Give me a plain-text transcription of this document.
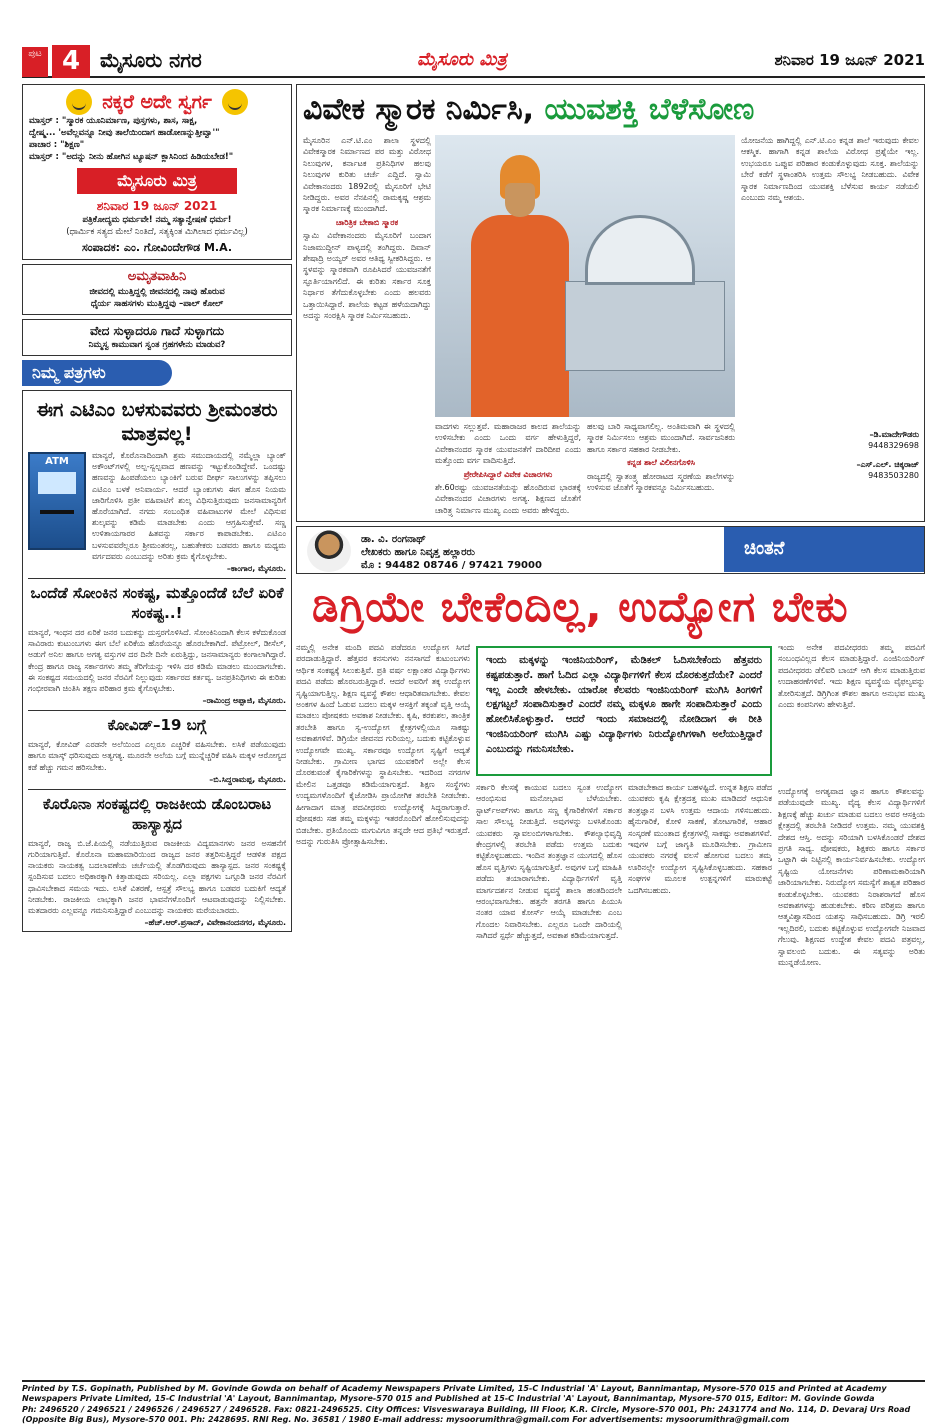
ಪುಟ 4 ಮೈಸೂರು ನಗರ	ಮೈಸೂರು ಮಿತ್ರ	ಶನಿವಾರ 19 ಜೂನ್ 2021
ನಕ್ಕರೆ ಅದೇ ಸ್ವರ್ಗ
ಮಾಸ್ತರ್ : "ಸ್ಮಾರಕ ಯೂನಿರ್ಮಾಣ, ಪುಸ್ತಗಳು, ಶಾಸ, ಸಾಕ್ಷ,
ದ್ವೇಷ್ಮ... 'ಅವೆಲ್ಲವನ್ನೂ ನೀವು ತಾಲೆಯಿಂದಾಗ ಹಾಡೋಣನ್ನುತ್ತೀವ್ವಾ'"
ಪಾಚಾರ : "ಶಿಕ್ಷಣ"
ಮಾಸ್ತರ್ : "ಅದನ್ನು ನೀನು ಹೋಗಿನ ಟ್ಯೂಷನ್ ಕ್ಲಾಸಿನಿಂದ ಹಿಡಿಯಬೇಡ!"
ಮೈಸೂರು ಮಿತ್ರ
ಶನಿವಾರ 19 ಜೂನ್ 2021
ಪತ್ರಿಕೋದ್ಯಮ ಧರ್ಮವೇ! ನಮ್ಮ ಸತ್ಯಾನ್ವೇಷಣೆ ಧರ್ಮ!
(ಧಾರ್ಮಿಕ ಸತ್ಯದ ಮೇಲೆ ನಿಂತಿದೆ, ಸತ್ಯಕ್ಕಿಂತ ಮಿಗಿಲಾದ ಧರ್ಮವಿಲ್ಲ)
ಸಂಪಾದಕ: ಎಂ. ಗೋವಿಂದೇಗೌಡ M.A.
ಅಮೃತವಾಹಿನಿ
ಜೀವದಲ್ಲಿ ಮುತ್ತಿದ್ದಲ್ಲಿ ಜೀವನದಲ್ಲಿ ನಾವು ಹೊರುವ
ಧೈರ್ಯ ಸಾಹಸಗಳು ಮುತ್ತಿದ್ದವು –ಪಾಲ್ ಕೋಲ್
ವೇದ ಸುಳ್ಳಾದರೂ ಗಾದೆ ಸುಳ್ಳಾಗದು
ನಿಮ್ಮಸ್ವ ಕಾಮುವಾಗ ಸ್ವಂತ ಗ್ರಹಗಳೇನು ಮಾಡುವ?
ನಿಮ್ಮ ಪತ್ರಗಳು
ಈಗ ಎಟಿಎಂ ಬಳಸುವವರು ಶ್ರೀಮಂತರು ಮಾತ್ರವಲ್ಲ!
ATM
ಮಾನ್ಯರೆ, ಕೊರೊನಾದಿಂದಾಗಿ ಶ್ರಮ ಸಮುದಾಯದಲ್ಲಿ ನಮ್ಮೆಲ್ಲಾ ಬ್ಯಾಂಕ್ ಅಕೌಂಟ್‌ಗಳಲ್ಲಿ ಅಲ್ಪ-ಸ್ವಲ್ಪವಾದ ಹಣವನ್ನು ಇಟ್ಟುಕೊಂಡಿದ್ದೇವೆ. ಒಂದಷ್ಟು ಹಣವನ್ನು ಹಿಂಪಡೆಯಲು ಬ್ಯಾಂಕಿಗೆ ಬರುವ ದೀರ್ಘ ಸಾಲುಗಳನ್ನು ತಪ್ಪಿಸಲು ಎಟಿಎಂ ಬಳಕೆ ಅನಿವಾರ್ಯ. ಆದರೆ ಬ್ಯಾಂಕುಗಳು ಈಗ ಹೊಸ ನಿಯಮ ಜಾರಿಗೊಳಿಸಿ ಪ್ರತೀ ವಹಿವಾಟಿಗೆ ಶುಲ್ಕ ವಿಧಿಸುತ್ತಿರುವುದು ಜನಸಾಮಾನ್ಯರಿಗೆ ಹೊರೆಯಾಗಿದೆ. ನಗದು ಸಂಬಂಧಿತ ವಹಿವಾಟುಗಳ ಮೇಲೆ ವಿಧಿಸುವ ಶುಲ್ಕವನ್ನು ಕಡಿಮೆ ಮಾಡಬೇಕು ಎಂದು ಆಗ್ರಹಿಸುತ್ತೇವೆ. ಸಣ್ಣ ಉಳಿತಾಯಗಾರರ ಹಿತವನ್ನು ಸರ್ಕಾರ ಕಾಪಾಡಬೇಕು. ಎಟಿಎಂ ಬಳಸುವವರೆಲ್ಲರೂ ಶ್ರೀಮಂತರಲ್ಲ, ಬಹುತೇಕರು ಬಡವರು ಹಾಗೂ ಮಧ್ಯಮ ವರ್ಗದವರು ಎಂಬುದನ್ನು ಅರಿತು ಕ್ರಮ ಕೈಗೊಳ್ಳಬೇಕು.
–ಕಾಂಗಾರ, ಮೈಸೂರು.
ಒಂದೆಡೆ ಸೋಂಕಿನ ಸಂಕಷ್ಟ, ಮತ್ತೊಂದೆಡೆ ಬೆಲೆ ಏರಿಕೆ ಸಂಕಷ್ಟ..!
ಮಾನ್ಯರೆ, ಇಂಧನ ದರ ಏರಿಕೆ ಜನರ ಬದುಕನ್ನು ದುಸ್ತರಗೊಳಿಸಿದೆ. ಸೋಂಕಿನಿಂದಾಗಿ ಕೆಲಸ ಕಳೆದುಕೊಂಡ ಸಾವಿರಾರು ಕುಟುಂಬಗಳು ಈಗ ಬೆಲೆ ಏರಿಕೆಯ ಹೊರೆಯನ್ನೂ ಹೊರಬೇಕಾಗಿದೆ. ಪೆಟ್ರೋಲ್, ಡೀಸೆಲ್, ಅಡುಗೆ ಅನಿಲ ಹಾಗೂ ಅಗತ್ಯ ವಸ್ತುಗಳ ದರ ದಿನೇ ದಿನೇ ಏರುತ್ತಿದ್ದು, ಜನಸಾಮಾನ್ಯರು ಕಂಗಾಲಾಗಿದ್ದಾರೆ. ಕೇಂದ್ರ ಹಾಗೂ ರಾಜ್ಯ ಸರ್ಕಾರಗಳು ತಮ್ಮ ತೆರಿಗೆಯನ್ನು ಇಳಿಸಿ ದರ ಕಡಿಮೆ ಮಾಡಲು ಮುಂದಾಗಬೇಕು. ಈ ಸಂಕಷ್ಟದ ಸಮಯದಲ್ಲಿ ಜನರ ನೆರವಿಗೆ ನಿಲ್ಲುವುದು ಸರ್ಕಾರದ ಕರ್ತವ್ಯ. ಜನಪ್ರತಿನಿಧಿಗಳು ಈ ಕುರಿತು ಗಂಭೀರವಾಗಿ ಚಿಂತಿಸಿ ತಕ್ಷಣ ಪರಿಹಾರ ಕ್ರಮ ಕೈಗೊಳ್ಳಬೇಕು.
–ರಾಮಿಂದ್ರ ಅಪ್ಪಾಜಿ, ಮೈಸೂರು.
ಕೋವಿಡ್–19 ಬಗ್ಗೆ
ಮಾನ್ಯರೆ, ಕೋವಿಡ್ ಎರಡನೇ ಅಲೆಯಿಂದ ಎಲ್ಲರೂ ಎಚ್ಚರಿಕೆ ವಹಿಸಬೇಕು. ಲಸಿಕೆ ಪಡೆಯುವುದು ಹಾಗೂ ಮಾಸ್ಕ್ ಧರಿಸುವುದು ಅತ್ಯಗತ್ಯ. ಮೂರನೇ ಅಲೆಯ ಬಗ್ಗೆ ಮುನ್ನೆಚ್ಚರಿಕೆ ವಹಿಸಿ ಮಕ್ಕಳ ಆರೋಗ್ಯದ ಕಡೆ ಹೆಚ್ಚು ಗಮನ ಹರಿಸಬೇಕು.
–ಬಿ.ಸಿದ್ದರಾಮಪ್ಪ, ಮೈಸೂರು.
ಕೊರೊನಾ ಸಂಕಷ್ಟದಲ್ಲಿ ರಾಜಕೀಯ ಡೊಂಬರಾಟ ಹಾಸ್ಯಾಸ್ಪದ
ಮಾನ್ಯರೆ, ರಾಜ್ಯ ಬಿ.ಜೆ.ಪಿಯಲ್ಲಿ ನಡೆಯುತ್ತಿರುವ ರಾಜಕೀಯ ವಿದ್ಯಮಾನಗಳು ಜನರ ಅಸಹನೆಗೆ ಗುರಿಯಾಗುತ್ತಿವೆ. ಕೊರೊನಾ ಮಹಾಮಾರಿಯಿಂದ ರಾಜ್ಯದ ಜನರ ತತ್ತರಿಸುತ್ತಿದ್ದರೆ ಆಡಳಿತ ಪಕ್ಷದ ನಾಯಕರು ನಾಯಕತ್ವ ಬದಲಾವಣೆಯ ಚರ್ಚೆಯಲ್ಲಿ ತೊಡಗಿರುವುದು ಹಾಸ್ಯಾಸ್ಪದ. ಜನರ ಸಂಕಷ್ಟಕ್ಕೆ ಸ್ಪಂದಿಸುವ ಬದಲು ಅಧಿಕಾರಕ್ಕಾಗಿ ಕಿತ್ತಾಡುವುದು ಸರಿಯಲ್ಲ. ಎಲ್ಲಾ ಪಕ್ಷಗಳು ಒಗ್ಗೂಡಿ ಜನರ ನೆರವಿಗೆ ಧಾವಿಸಬೇಕಾದ ಸಮಯ ಇದು. ಲಸಿಕೆ ವಿತರಣೆ, ಆಸ್ಪತ್ರೆ ಸೌಲಭ್ಯ ಹಾಗೂ ಬಡವರ ಬದುಕಿಗೆ ಆದ್ಯತೆ ನೀಡಬೇಕು. ರಾಜಕೀಯ ಲಾಭಕ್ಕಾಗಿ ಜನರ ಭಾವನೆಗಳೊಂದಿಗೆ ಆಟವಾಡುವುದನ್ನು ನಿಲ್ಲಿಸಬೇಕು. ಮತದಾರರು ಎಲ್ಲವನ್ನೂ ಗಮನಿಸುತ್ತಿದ್ದಾರೆ ಎಂಬುದನ್ನು ನಾಯಕರು ಮರೆಯಬಾರದು.
–ಹೆಚ್.ಆರ್.ಪ್ರಸಾದ್, ವಿವೇಕಾನಂದನಗರ, ಮೈಸೂರು.
ವಿವೇಕ ಸ್ಮಾರಕ ನಿರ್ಮಿಸಿ, ಯುವಶಕ್ತಿ ಬೆಳೆಸೋಣ
ಮೈಸೂರಿನ ಎನ್.ಟಿ.ಎಂ ಶಾಲಾ ಸ್ಥಳದಲ್ಲಿ ವಿವೇಕಸ್ಮಾರಕ ನಿರ್ಮಾಣದ ಪರ ಮತ್ತು ವಿರೋಧ ನಿಲುವುಗಳ, ಕರ್ನಾಟಕ ಪ್ರತಿನಿಧಿಗಳ ಹಲವು ನಿಲುವುಗಳ ಕುರಿತು ಚರ್ಚೆ ಎದ್ದಿದೆ. ಸ್ವಾಮಿ ವಿವೇಕಾನಂದರು 1892ರಲ್ಲಿ ಮೈಸೂರಿಗೆ ಭೇಟಿ ನೀಡಿದ್ದರು. ಅವರ ನೆನಪಿನಲ್ಲಿ ರಾಮಕೃಷ್ಣ ಆಶ್ರಮ ಸ್ಮಾರಕ ನಿರ್ಮಾಣಕ್ಕೆ ಮುಂದಾಗಿದೆ.
ಚಾರಿತ್ರಿಕ ಬೇಕಾಬಿ ಸ್ಮಾರಕ
ಸ್ವಾಮಿ ವಿವೇಕಾನಂದರು ಮೈಸೂರಿಗೆ ಬಂದಾಗ ನಿಜಾಮುದ್ದೀನ್ ಪಾಳ್ಯದಲ್ಲಿ ತಂಗಿದ್ದರು. ದಿವಾನ್ ಶೇಷಾದ್ರಿ ಅಯ್ಯರ್ ಅವರ ಆತಿಥ್ಯ ಸ್ವೀಕರಿಸಿದ್ದರು. ಆ ಸ್ಥಳವನ್ನು ಸ್ಮಾರಕವಾಗಿ ರೂಪಿಸಿದರೆ ಯುವಜನತೆಗೆ ಸ್ಫೂರ್ತಿಯಾಗಲಿದೆ. ಈ ಕುರಿತು ಸರ್ಕಾರ ಸೂಕ್ತ ನಿರ್ಧಾರ ತೆಗೆದುಕೊಳ್ಳಬೇಕು ಎಂದು ಹಲವರು ಒತ್ತಾಯಿಸಿದ್ದಾರೆ. ಶಾಲೆಯ ಕಟ್ಟಡ ಹಳೆಯದಾಗಿದ್ದು ಅದನ್ನು ಸಂರಕ್ಷಿಸಿ ಸ್ಮಾರಕ ನಿರ್ಮಿಸಬಹುದು.
ವಾದಗಳು ಸಲ್ಲುತ್ತವೆ. ಮಹಾರಾಜರ ಕಾಲದ ಶಾಲೆಯನ್ನು ಉಳಿಸಬೇಕು ಎಂದು ಒಂದು ವರ್ಗ ಹೇಳುತ್ತಿದ್ದರೆ, ವಿವೇಕಾನಂದರ ಸ್ಮಾರಕ ಯುವಜನತೆಗೆ ದಾರಿದೀಪ ಎಂದು ಮತ್ತೊಂದು ವರ್ಗ ವಾದಿಸುತ್ತಿದೆ.
ಪ್ರೇರೇಪಿಸಿದ್ದಾರೆ ವಿವೇಕ ವಿಚಾರಗಳು
ಶೇ.60ರಷ್ಟು ಯುವಜನತೆಯನ್ನು ಹೊಂದಿರುವ ಭಾರತಕ್ಕೆ ವಿವೇಕಾನಂದರ ವಿಚಾರಗಳು ಅಗತ್ಯ. ಶಿಕ್ಷಣದ ಜೊತೆಗೆ ಚಾರಿತ್ರ್ಯ ನಿರ್ಮಾಣ ಮುಖ್ಯ ಎಂದು ಅವರು ಹೇಳಿದ್ದರು.
ಹಲವು ಬಾರಿ ಸಾಧ್ಯವಾಗಲಿಲ್ಲ. ಅಂತಿಮವಾಗಿ ಈ ಸ್ಥಳದಲ್ಲಿ ಸ್ಮಾರಕ ನಿರ್ಮಿಸಲು ಆಶ್ರಮ ಮುಂದಾಗಿದೆ. ಸಾರ್ವಜನಿಕರು ಹಾಗೂ ಸರ್ಕಾರ ಸಹಕಾರ ನೀಡಬೇಕು.
ಕನ್ನಡ ಶಾಲೆ ವಿಲೀನಗೊಳಿಸಿ
ರಾಜ್ಯದಲ್ಲಿ ಸ್ವಾತಂತ್ರ್ಯ ಹೋರಾಟದ ಸ್ಮರಣೆಯ ಶಾಲೆಗಳನ್ನು ಉಳಿಸುವ ಜೊತೆಗೆ ಸ್ಮಾರಕವನ್ನೂ ನಿರ್ಮಿಸಬಹುದು.
ಯೋಜನೆಯ ಹಾಗಿದ್ದಲ್ಲಿ ಎನ್.ಟಿ.ಎಂ ಕನ್ನಡ ಶಾಲೆ ಇರುವುದು ಕೇವಲ ಆಕಸ್ಮಿಕ. ಹಾಗಾಗಿ ಕನ್ನಡ ಶಾಲೆಯ ವಿರೋಧ ಪ್ರಶ್ನೆಯೇ ಇಲ್ಲ. ಉಭಯರೂ ಒಪ್ಪುವ ಪರಿಹಾರ ಕಂಡುಕೊಳ್ಳುವುದು ಸೂಕ್ತ. ಶಾಲೆಯನ್ನು ಬೇರೆ ಕಡೆಗೆ ಸ್ಥಳಾಂತರಿಸಿ ಉತ್ತಮ ಸೌಲಭ್ಯ ನೀಡಬಹುದು. ವಿವೇಕ ಸ್ಮಾರಕ ನಿರ್ಮಾಣದಿಂದ ಯುವಶಕ್ತಿ ಬೆಳೆಸುವ ಕಾರ್ಯ ನಡೆಯಲಿ ಎಂಬುದು ನಮ್ಮ ಆಶಯ.
–ಡಿ.ಮಾದೇಗೌಡರು
9448329698
–ಎಸ್.ಎಲ್. ಚಿಕ್ಕರಾಜ್
9483503280
ಡಾ. ವಿ. ರಂಗನಾಥ್
ಲೇಖಕರು ಹಾಗೂ ನಿವೃತ್ತ ಹಲ್ಲಾರರು
ಮೊ : 94482 08746 / 97421 79000
ಚಿಂತನೆ
ಡಿಗ್ರಿಯೇ ಬೇಕೆಂದಿಲ್ಲ, ಉದ್ಯೋಗ ಬೇಕು
ನಮ್ಮಲ್ಲಿ ಅನೇಕ ಮಂದಿ ಪದವಿ ಪಡೆದರೂ ಉದ್ಯೋಗ ಸಿಗದೆ ಪರದಾಡುತ್ತಿದ್ದಾರೆ. ಹೆತ್ತವರ ಕನಸುಗಳು ನನಸಾಗದೆ ಕುಟುಂಬಗಳು ಆರ್ಥಿಕ ಸಂಕಷ್ಟಕ್ಕೆ ಸಿಲುಕುತ್ತಿವೆ. ಪ್ರತಿ ವರ್ಷ ಲಕ್ಷಾಂತರ ವಿದ್ಯಾರ್ಥಿಗಳು ಪದವಿ ಪಡೆದು ಹೊರಬರುತ್ತಿದ್ದಾರೆ. ಆದರೆ ಅವರಿಗೆ ತಕ್ಕ ಉದ್ಯೋಗ ಸೃಷ್ಟಿಯಾಗುತ್ತಿಲ್ಲ. ಶಿಕ್ಷಣ ವ್ಯವಸ್ಥೆ ಕೌಶಲ ಆಧಾರಿತವಾಗಬೇಕು. ಕೇವಲ ಅಂಕಗಳ ಹಿಂದೆ ಓಡುವ ಬದಲು ಮಕ್ಕಳ ಆಸಕ್ತಿಗೆ ತಕ್ಕಂತೆ ವೃತ್ತಿ ಆಯ್ಕೆ ಮಾಡಲು ಪೋಷಕರು ಅವಕಾಶ ನೀಡಬೇಕು. ಕೃಷಿ, ಕರಕುಶಲ, ತಾಂತ್ರಿಕ ತರಬೇತಿ ಹಾಗೂ ಸ್ವ-ಉದ್ಯೋಗ ಕ್ಷೇತ್ರಗಳಲ್ಲಿಯೂ ಸಾಕಷ್ಟು ಅವಕಾಶಗಳಿವೆ. ಡಿಗ್ರಿಯೇ ಜೀವನದ ಗುರಿಯಲ್ಲ, ಬದುಕು ಕಟ್ಟಿಕೊಳ್ಳುವ ಉದ್ಯೋಗವೇ ಮುಖ್ಯ. ಸರ್ಕಾರವೂ ಉದ್ಯೋಗ ಸೃಷ್ಟಿಗೆ ಆದ್ಯತೆ ನೀಡಬೇಕು. ಗ್ರಾಮೀಣ ಭಾಗದ ಯುವಕರಿಗೆ ಅಲ್ಲೇ ಕೆಲಸ ದೊರಕುವಂತೆ ಕೈಗಾರಿಕೆಗಳನ್ನು ಸ್ಥಾಪಿಸಬೇಕು. ಇದರಿಂದ ನಗರಗಳ ಮೇಲಿನ ಒತ್ತಡವೂ ಕಡಿಮೆಯಾಗುತ್ತದೆ. ಶಿಕ್ಷಣ ಸಂಸ್ಥೆಗಳು ಉದ್ಯಮಗಳೊಂದಿಗೆ ಕೈಜೋಡಿಸಿ ಪ್ರಾಯೋಗಿಕ ತರಬೇತಿ ನೀಡಬೇಕು. ಹೀಗಾದಾಗ ಮಾತ್ರ ಪದವೀಧರರು ಉದ್ಯೋಗಕ್ಕೆ ಸಿದ್ಧರಾಗುತ್ತಾರೆ. ಪೋಷಕರು ಸಹ ತಮ್ಮ ಮಕ್ಕಳನ್ನು ಇತರರೊಂದಿಗೆ ಹೋಲಿಸುವುದನ್ನು ಬಿಡಬೇಕು. ಪ್ರತಿಯೊಂದು ಮಗುವಿಗೂ ತನ್ನದೇ ಆದ ಪ್ರತಿಭೆ ಇರುತ್ತದೆ. ಅದನ್ನು ಗುರುತಿಸಿ ಪ್ರೋತ್ಸಾಹಿಸಬೇಕು.
ಇಂದು ಮಕ್ಕಳನ್ನು ಇಂಜಿನಿಯರಿಂಗ್, ಮೆಡಿಕಲ್ ಓದಿಸಬೇಕೆಂದು ಹೆತ್ತವರು ಕಷ್ಟಪಡುತ್ತಾರೆ. ಹಾಗೆ ಓದಿದ ಎಲ್ಲಾ ವಿದ್ಯಾರ್ಥಿಗಳಿಗೆ ಕೆಲಸ ದೊರಕುತ್ತದೆಯೇ? ಎಂದರೆ ಇಲ್ಲ ಎಂದೇ ಹೇಳಬೇಕು. ಯಾರೋ ಕೆಲವರು ಇಂಜಿನಿಯರಿಂಗ್ ಮುಗಿಸಿ ತಿಂಗಳಿಗೆ ಲಕ್ಷಗಟ್ಟಲೆ ಸಂಪಾದಿಸುತ್ತಾರೆ ಎಂದರೆ ನಮ್ಮ ಮಕ್ಕಳೂ ಹಾಗೇ ಸಂಪಾದಿಸುತ್ತಾರೆ ಎಂದು ಹೋಲಿಸಿಕೊಳ್ಳುತ್ತಾರೆ. ಆದರೆ ಇಂದು ಸಮಾಜದಲ್ಲಿ ನೋಡಿದಾಗ ಈ ರೀತಿ ಇಂಜಿನಿಯರಿಂಗ್ ಮುಗಿಸಿ ಎಷ್ಟು ವಿದ್ಯಾರ್ಥಿಗಳು ನಿರುದ್ಯೋಗಿಗಳಾಗಿ ಅಲೆಯುತ್ತಿದ್ದಾರೆ ಎಂಬುದನ್ನು ಗಮನಿಸಬೇಕು.
ಸರ್ಕಾರಿ ಕೆಲಸಕ್ಕೆ ಕಾಯುವ ಬದಲು ಸ್ವಂತ ಉದ್ಯೋಗ ಆರಂಭಿಸುವ ಮನೋಭಾವ ಬೆಳೆಯಬೇಕು. ಸ್ಟಾರ್ಟ್‌ಅಪ್‌ಗಳು ಹಾಗೂ ಸಣ್ಣ ಕೈಗಾರಿಕೆಗಳಿಗೆ ಸರ್ಕಾರ ಸಾಲ ಸೌಲಭ್ಯ ನೀಡುತ್ತಿದೆ. ಅವುಗಳನ್ನು ಬಳಸಿಕೊಂಡು ಯುವಕರು ಸ್ವಾವಲಂಬಿಗಳಾಗಬೇಕು. ಕೌಶಲ್ಯಾಭಿವೃದ್ಧಿ ಕೇಂದ್ರಗಳಲ್ಲಿ ತರಬೇತಿ ಪಡೆದು ಉತ್ತಮ ಬದುಕು ಕಟ್ಟಿಕೊಳ್ಳಬಹುದು. ಇಂದಿನ ತಂತ್ರಜ್ಞಾನ ಯುಗದಲ್ಲಿ ಹೊಸ ಹೊಸ ವೃತ್ತಿಗಳು ಸೃಷ್ಟಿಯಾಗುತ್ತಿವೆ. ಅವುಗಳ ಬಗ್ಗೆ ಮಾಹಿತಿ ಪಡೆದು ತಯಾರಾಗಬೇಕು. ವಿದ್ಯಾರ್ಥಿಗಳಿಗೆ ವೃತ್ತಿ ಮಾರ್ಗದರ್ಶನ ನೀಡುವ ವ್ಯವಸ್ಥೆ ಶಾಲಾ ಹಂತದಿಂದಲೇ ಆರಂಭವಾಗಬೇಕು. ಹತ್ತನೇ ತರಗತಿ ಹಾಗೂ ಪಿಯುಸಿ ನಂತರ ಯಾವ ಕೋರ್ಸ್ ಆಯ್ಕೆ ಮಾಡಬೇಕು ಎಂಬ ಗೊಂದಲ ನಿವಾರಿಸಬೇಕು. ಎಲ್ಲರೂ ಒಂದೇ ದಾರಿಯಲ್ಲಿ ಸಾಗಿದರೆ ಸ್ಪರ್ಧೆ ಹೆಚ್ಚುತ್ತದೆ, ಅವಕಾಶ ಕಡಿಮೆಯಾಗುತ್ತದೆ.
ಮಾಡಬೇಕಾದ ಕಾರ್ಯ ಬಹಳಷ್ಟಿದೆ. ಉನ್ನತ ಶಿಕ್ಷಣ ಪಡೆದ ಯುವಕರು ಕೃಷಿ ಕ್ಷೇತ್ರದತ್ತ ಮುಖ ಮಾಡಿದರೆ ಆಧುನಿಕ ತಂತ್ರಜ್ಞಾನ ಬಳಸಿ ಉತ್ತಮ ಆದಾಯ ಗಳಿಸಬಹುದು. ಹೈನುಗಾರಿಕೆ, ಕೋಳಿ ಸಾಕಣೆ, ತೋಟಗಾರಿಕೆ, ಆಹಾರ ಸಂಸ್ಕರಣೆ ಮುಂತಾದ ಕ್ಷೇತ್ರಗಳಲ್ಲಿ ಸಾಕಷ್ಟು ಅವಕಾಶಗಳಿವೆ. ಇವುಗಳ ಬಗ್ಗೆ ಜಾಗೃತಿ ಮೂಡಿಸಬೇಕು. ಗ್ರಾಮೀಣ ಯುವಕರು ನಗರಕ್ಕೆ ವಲಸೆ ಹೋಗುವ ಬದಲು ತಮ್ಮ ಊರಿನಲ್ಲೇ ಉದ್ಯೋಗ ಸೃಷ್ಟಿಸಿಕೊಳ್ಳಬಹುದು. ಸಹಕಾರ ಸಂಘಗಳ ಮೂಲಕ ಉತ್ಪನ್ನಗಳಿಗೆ ಮಾರುಕಟ್ಟೆ ಒದಗಿಸಬಹುದು.
ಇಂದು ಅನೇಕ ಪದವೀಧರರು ತಮ್ಮ ಪದವಿಗೆ ಸಂಬಂಧವಿಲ್ಲದ ಕೆಲಸ ಮಾಡುತ್ತಿದ್ದಾರೆ. ಎಂಜಿನಿಯರಿಂಗ್ ಪದವೀಧರರು ಡೆಲಿವರಿ ಬಾಯ್ ಆಗಿ ಕೆಲಸ ಮಾಡುತ್ತಿರುವ ಉದಾಹರಣೆಗಳಿವೆ. ಇದು ಶಿಕ್ಷಣ ವ್ಯವಸ್ಥೆಯ ವೈಫಲ್ಯವನ್ನು ತೋರಿಸುತ್ತದೆ. ಡಿಗ್ರಿಗಿಂತ ಕೌಶಲ ಹಾಗೂ ಅನುಭವ ಮುಖ್ಯ ಎಂದು ಕಂಪನಿಗಳು ಹೇಳುತ್ತಿವೆ.
ಉದ್ಯೋಗಕ್ಕೆ ಅಗತ್ಯವಾದ ಜ್ಞಾನ ಹಾಗೂ ಕೌಶಲವನ್ನು ಪಡೆಯುವುದೇ ಮುಖ್ಯ. ವೈದ್ಯ ಕೆಲಸ ವಿದ್ಯಾರ್ಥಿಗಳಿಗೆ ಶಿಕ್ಷಣಕ್ಕೆ ಹೆಚ್ಚು ಖರ್ಚು ಮಾಡುವ ಬದಲು ಅವರ ಆಸಕ್ತಿಯ ಕ್ಷೇತ್ರದಲ್ಲಿ ತರಬೇತಿ ನೀಡಿದರೆ ಉತ್ತಮ. ನಮ್ಮ ಯುವಶಕ್ತಿ ದೇಶದ ಆಸ್ತಿ. ಅದನ್ನು ಸರಿಯಾಗಿ ಬಳಸಿಕೊಂಡರೆ ದೇಶದ ಪ್ರಗತಿ ಸಾಧ್ಯ. ಪೋಷಕರು, ಶಿಕ್ಷಕರು ಹಾಗೂ ಸರ್ಕಾರ ಒಟ್ಟಾಗಿ ಈ ನಿಟ್ಟಿನಲ್ಲಿ ಕಾರ್ಯನಿರ್ವಹಿಸಬೇಕು. ಉದ್ಯೋಗ ಸೃಷ್ಟಿಯ ಯೋಜನೆಗಳು ಪರಿಣಾಮಕಾರಿಯಾಗಿ ಜಾರಿಯಾಗಬೇಕು. ನಿರುದ್ಯೋಗ ಸಮಸ್ಯೆಗೆ ಶಾಶ್ವತ ಪರಿಹಾರ ಕಂಡುಕೊಳ್ಳಬೇಕು. ಯುವಕರು ನಿರಾಶರಾಗದೆ ಹೊಸ ಅವಕಾಶಗಳನ್ನು ಹುಡುಕಬೇಕು. ಕಠಿಣ ಪರಿಶ್ರಮ ಹಾಗೂ ಆತ್ಮವಿಶ್ವಾಸದಿಂದ ಯಶಸ್ಸು ಸಾಧಿಸಬಹುದು. ಡಿಗ್ರಿ ಇರಲಿ ಇಲ್ಲದಿರಲಿ, ಬದುಕು ಕಟ್ಟಿಕೊಳ್ಳುವ ಉದ್ಯೋಗವೇ ನಿಜವಾದ ಗೆಲುವು. ಶಿಕ್ಷಣದ ಉದ್ದೇಶ ಕೇವಲ ಪದವಿ ಪತ್ರವಲ್ಲ, ಸ್ವಾವಲಂಬಿ ಬದುಕು. ಈ ಸತ್ಯವನ್ನು ಅರಿತು ಮುನ್ನಡೆಯೋಣ.
Printed by T.S. Gopinath, Published by M. Govinde Gowda on behalf of Academy Newspapers Private Limited, 15-C Industrial 'A' Layout, Bannimantap, Mysore-570 015 and Printed at Academy
Newspapers Private Limited, 15-C Industrial 'A' Layout, Bannimantap, Mysore-570 015 and Published at 15-C Industrial 'A' Layout, Bannimantap, Mysore-570 015, Editor: M. Govinde Gowda
Ph: 2496520 / 2496521 / 2496526 / 2496527 / 2496528. Fax: 0821-2496525. City Offices: Visveswaraya Building, III Floor, K.R. Circle, Mysore-570 001, Ph: 2431774 and No. 114, D. Devaraj Urs Road
(Opposite Big Bus), Mysore-570 001. Ph: 2428695. RNI Reg. No. 36581 / 1980 E-mail address: mysoorumithra@gmail.com For advertisements: mysoorumithra@gmail.com
